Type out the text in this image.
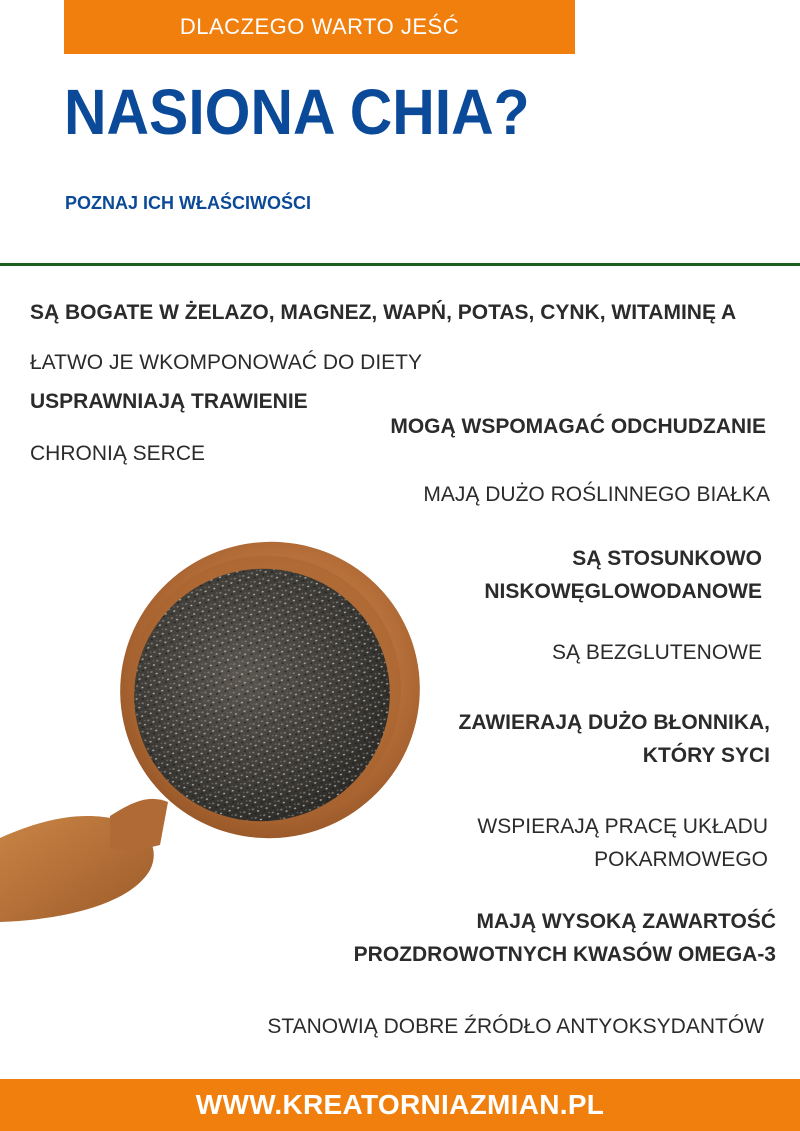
DLACZEGO WARTO JEŚĆ
NASIONA CHIA?
POZNAJ ICH WŁAŚCIWOŚCI
SĄ BOGATE W ŻELAZO, MAGNEZ, WAPŃ, POTAS, CYNK, WITAMINĘ A
ŁATWO JE WKOMPONOWAĆ DO DIETY
USPRAWNIAJĄ TRAWIENIE
MOGĄ WSPOMAGAĆ ODCHUDZANIE
CHRONIĄ SERCE
MAJĄ DUŻO ROŚLINNEGO BIAŁKA
SĄ STOSUNKOWO
NISKOWĘGLOWODANOWE
SĄ BEZGLUTENOWE
ZAWIERAJĄ DUŻO BŁONNIKA,
KTÓRY SYCI
WSPIERAJĄ PRACĘ UKŁADU
POKARMOWEGO
MAJĄ WYSOKĄ ZAWARTOŚĆ
PROZDROWOTNYCH KWASÓW OMEGA-3
STANOWIĄ DOBRE ŹRÓDŁO ANTYOKSYDANTÓW
WWW.KREATORNIAZMIAN.PL
